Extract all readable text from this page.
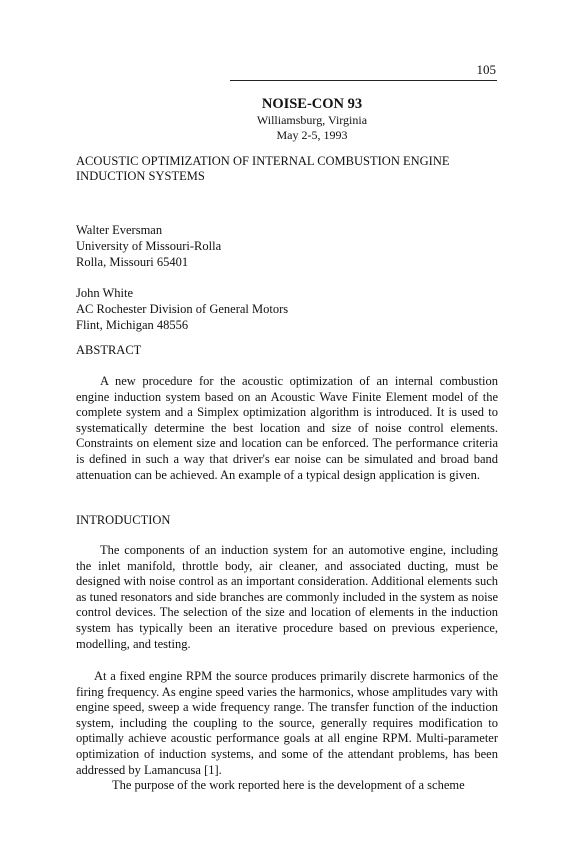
105
NOISE-CON 93
Williamsburg, Virginia
May 2-5, 1993
ACOUSTIC OPTIMIZATION OF INTERNAL COMBUSTION ENGINE INDUCTION SYSTEMS
Walter Eversman
University of Missouri-Rolla
Rolla, Missouri 65401
John White
AC Rochester Division of General Motors
Flint, Michigan 48556
ABSTRACT

A new procedure for the acoustic optimization of an internal combustion engine induction system based on an Acoustic Wave Finite Element model of the complete system and a Simplex optimization algorithm is introduced. It is used to systematically determine the best location and size of noise control elements. Constraints on element size and location can be enforced. The performance criteria is defined in such a way that driver's ear noise can be simulated and broad band attenuation can be achieved. An example of a typical design application is given.

INTRODUCTION

The components of an induction system for an automotive engine, including the inlet manifold, throttle body, air cleaner, and associated ducting, must be designed with noise control as an important consideration. Additional elements such as tuned resonators and side branches are commonly included in the system as noise control devices. The selection of the size and location of elements in the induction system has typically been an iterative procedure based on previous experience, modelling, and testing.

At a fixed engine RPM the source produces primarily discrete harmonics of the firing frequency. As engine speed varies the harmonics, whose amplitudes vary with engine speed, sweep a wide frequency range. The transfer function of the induction system, including the coupling to the source, generally requires modification to optimally achieve acoustic performance goals at all engine RPM. Multi-parameter optimization of induction systems, and some of the attendant problems, has been addressed by Lamancusa [1].

The purpose of the work reported here is the development of a scheme
